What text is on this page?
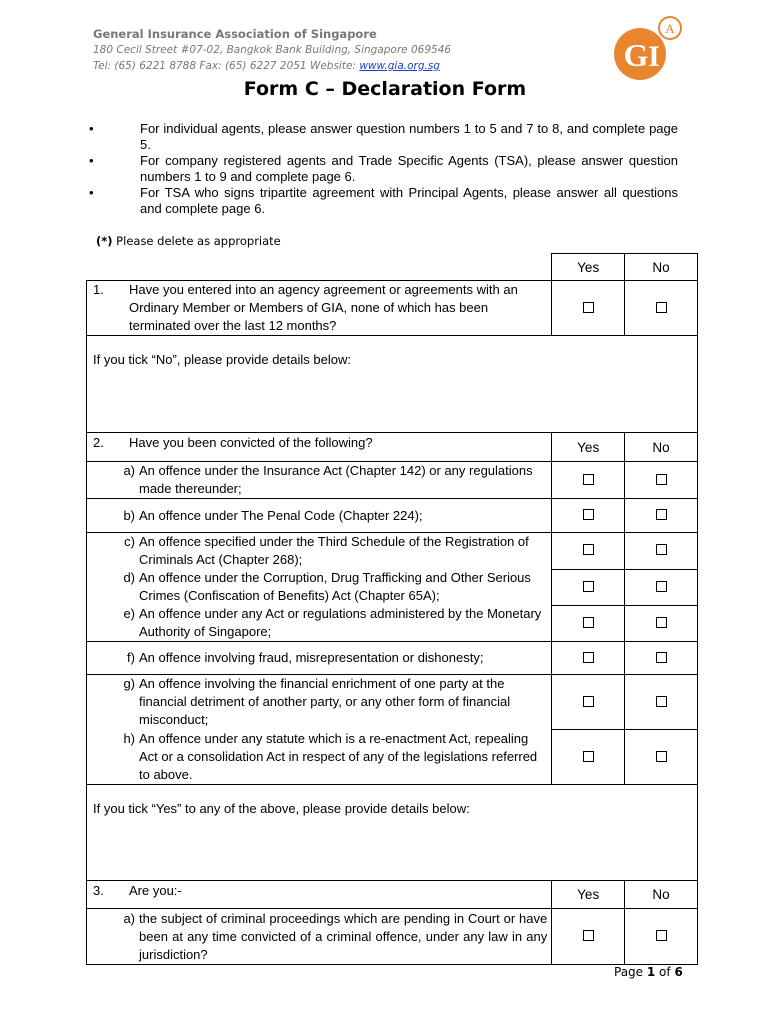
General Insurance Association of Singapore
180 Cecil Street #07-02, Bangkok Bank Building, Singapore 069546
Tel: (65) 6221 8788 Fax: (65) 6227 2051 Website: www.gia.org.sg
A
G I
Form C – Declaration Form
• For individual agents, please answer question numbers 1 to 5 and 7 to 8, and complete page 5.
• For company registered agents and Trade Specific Agents (TSA), please answer question numbers 1 to 9 and complete page 6.
• For TSA who signs tripartite agreement with Principal Agents, please answer all questions and complete page 6.
(*) Please delete as appropriate
	Yes	No

1. Have you entered into an agency agreement or agreements with an Ordinary Member or Members of GIA, none of which has been terminated over the last 12 months?		

If you tick “No”, please provide details below:		

2. Have you been convicted of the following?	Yes	No

a) An offence under the Insurance Act (Chapter 142) or any regulations made thereunder;		

b) An offence under The Penal Code (Chapter 224);		

c) An offence specified under the Third Schedule of the Registration of Criminals Act (Chapter 268);		

d) An offence under the Corruption, Drug Trafficking and Other Serious Crimes (Confiscation of Benefits) Act (Chapter 65A);		

e) An offence under any Act or regulations administered by the Monetary Authority of Singapore;		

f) An offence involving fraud, misrepresentation or dishonesty;		

g) An offence involving the financial enrichment of one party at the financial detriment of another party, or any other form of financial misconduct;		

h) An offence under any statute which is a re-enactment Act, repealing Act or a consolidation Act in respect of any of the legislations referred to above.		

If you tick “Yes” to any of the above, please provide details below:		

3. Are you:-	Yes	No

a) the subject of criminal proceedings which are pending in Court or have been at any time convicted of a criminal offence, under any law in any jurisdiction?		

Page 1 of 6
